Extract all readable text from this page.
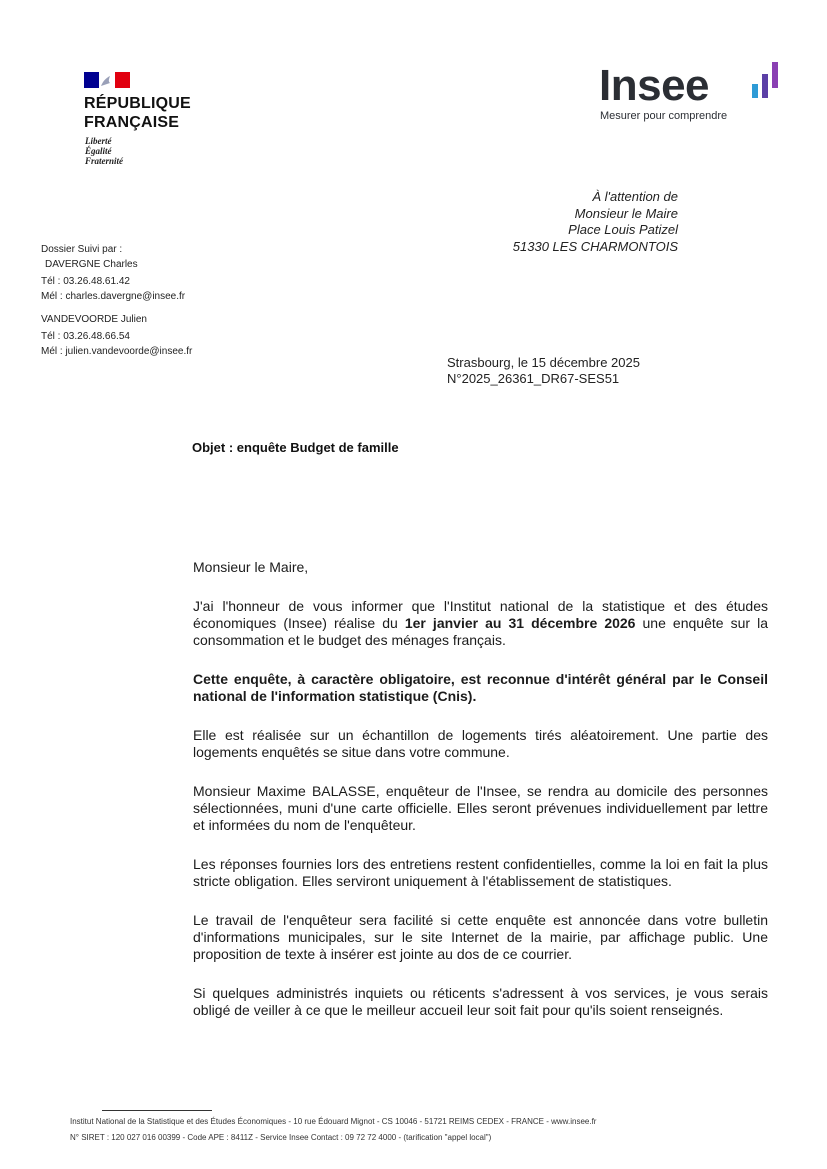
RÉPUBLIQUE
FRANÇAISE
Liberté
Égalité
Fraternité
Insee
Mesurer pour comprendre
À l'attention de
Monsieur le Maire
Place Louis Patizel
51330 LES CHARMONTOIS
Dossier Suivi par :
DAVERGNE Charles
Tél : 03.26.48.61.42
Mél : charles.davergne@insee.fr
VANDEVOORDE Julien
Tél : 03.26.48.66.54
Mél : julien.vandevoorde@insee.fr
Strasbourg, le 15 décembre 2025
N°2025_26361_DR67-SES51
Objet : enquête Budget de famille

Monsieur le Maire,

J'ai l'honneur de vous informer que l'Institut national de la statistique et des études économiques (Insee) réalise du 1er janvier au 31 décembre 2026 une enquête sur la consommation et le budget des ménages français.

Cette enquête, à caractère obligatoire, est reconnue d'intérêt général par le Conseil national de l'information statistique (Cnis).

Elle est réalisée sur un échantillon de logements tirés aléatoirement. Une partie des logements enquêtés se situe dans votre commune.

Monsieur Maxime BALASSE, enquêteur de l'Insee, se rendra au domicile des personnes sélectionnées, muni d'une carte officielle. Elles seront prévenues individuellement par lettre et informées du nom de l'enquêteur.

Les réponses fournies lors des entretiens restent confidentielles, comme la loi en fait la plus stricte obligation. Elles serviront uniquement à l'établissement de statistiques.

Le travail de l'enquêteur sera facilité si cette enquête est annoncée dans votre bulletin d'informations municipales, sur le site Internet de la mairie, par affichage public. Une proposition de texte à insérer est jointe au dos de ce courrier.

Si quelques administrés inquiets ou réticents s'adressent à vos services, je vous serais obligé de veiller à ce que le meilleur accueil leur soit fait pour qu'ils soient renseignés.

Institut National de la Statistique et des Études Économiques - 10 rue Édouard Mignot - CS 10046 - 51721 REIMS CEDEX - FRANCE - www.insee.fr
N° SIRET : 120 027 016 00399 - Code APE : 8411Z - Service Insee Contact : 09 72 72 4000 - (tarification "appel local")
